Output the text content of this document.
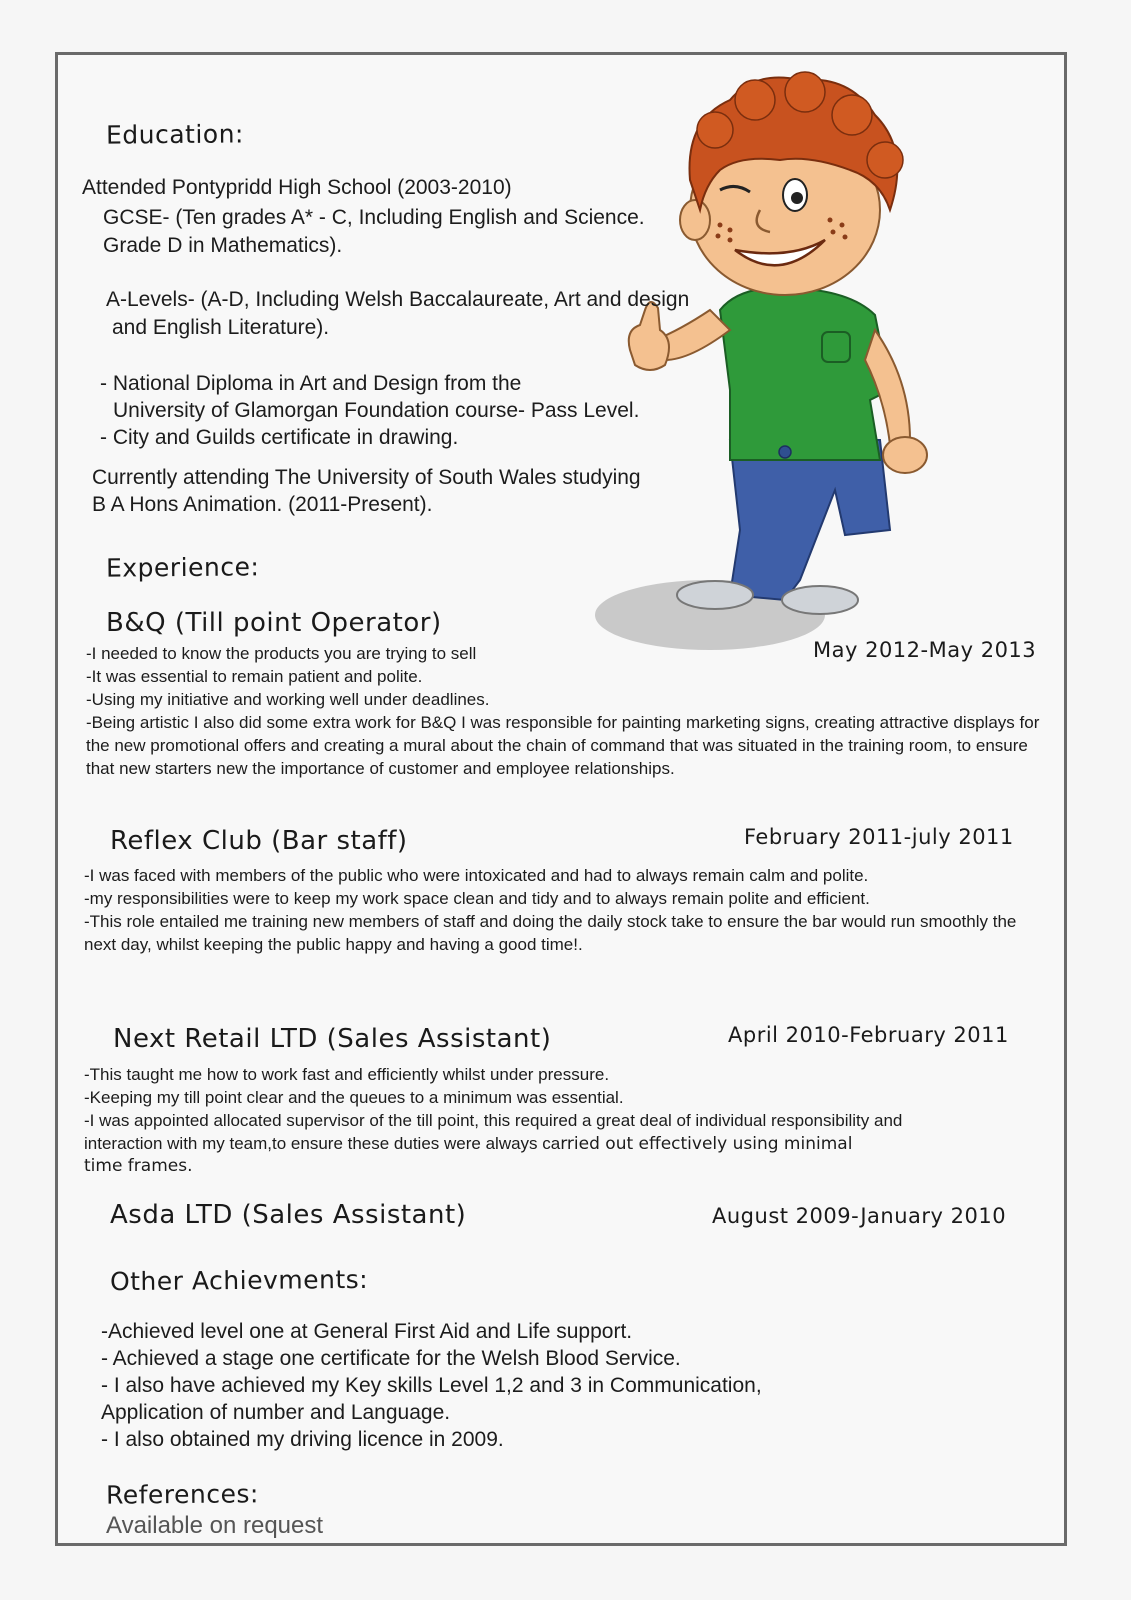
Education:
Attended Pontypridd High School (2003-2010)
GCSE- (Ten grades A* - C, Including English and Science.
Grade D in Mathematics).
A-Levels- (A-D, Including Welsh Baccalaureate, Art and design
and English Literature).
- National Diploma in Art and Design from the
University of Glamorgan Foundation course- Pass Level.
- City and Guilds certificate in drawing.
Currently attending The University of South Wales studying
B A Hons Animation. (2011-Present).
Experience:
B&Q (Till point Operator)
May 2012-May 2013
-I needed to know the products you are trying to sell
-It was essential to remain patient and polite.
-Using my initiative and working well under deadlines.
-Being artistic I also did some extra work for B&Q I was responsible for painting marketing signs, creating attractive displays for the new promotional offers and creating a mural about the chain of command that was situated in the training room, to ensure that new starters new the importance of customer and employee relationships.
Reflex Club (Bar staff)	February 2011-july 2011
-I was faced with members of the public who were intoxicated and had to always remain calm and polite.
-my responsibilities were to keep my work space clean and tidy and to always remain polite and efficient.
-This role entailed me training new members of staff and doing the daily stock take to ensure the bar would run smoothly the next day, whilst keeping the public happy and having a good time!.
Next Retail LTD (Sales Assistant)	April 2010-February 2011
-This taught me how to work fast and efficiently whilst under pressure.
-Keeping my till point clear and the queues to a minimum was essential.
-I was appointed allocated supervisor of the till point, this required a great deal of individual responsibility and
interaction with my team,to ensure these duties were always carried out effectively using minimal
time frames.
Asda LTD (Sales Assistant)	August 2009-January 2010
Other Achievments:
-Achieved level one at General First Aid and Life support.
- Achieved a stage one certificate for the Welsh Blood Service.
- I also have achieved my Key skills Level 1,2 and 3 in Communication,
Application of number and Language.
- I also obtained my driving licence in 2009.
References:
Available on request
